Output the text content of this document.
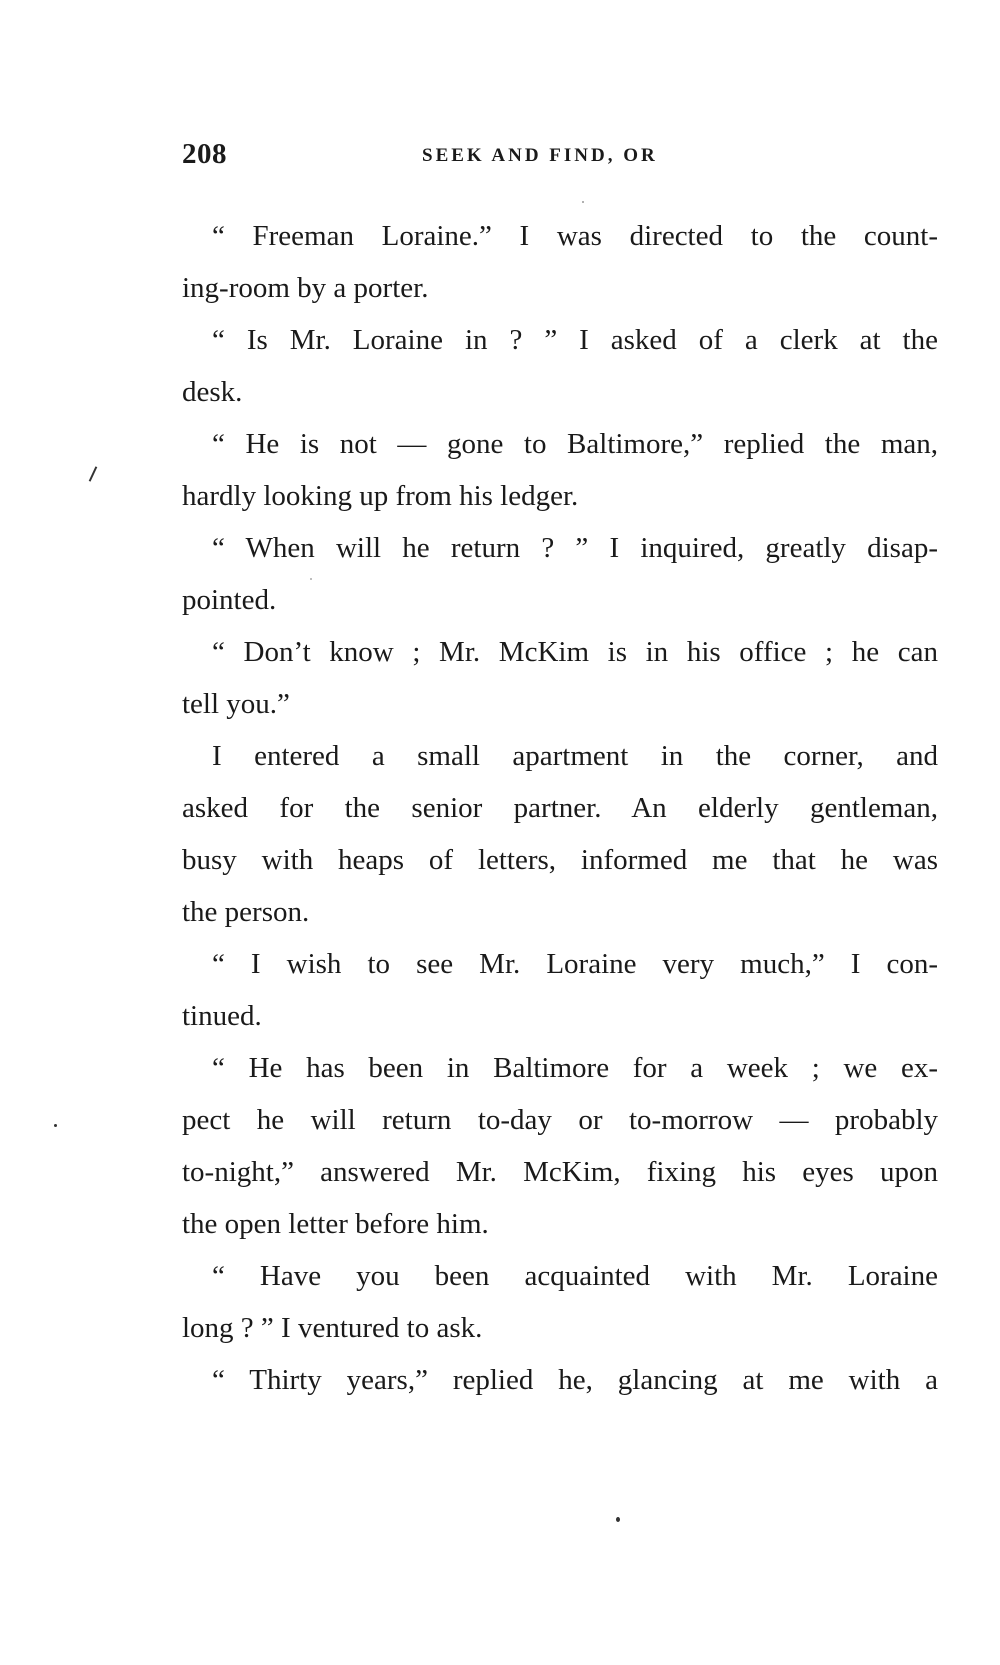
208	SEEK AND FIND, OR
“ Freeman Loraine.” I was directed to the count-
ing-room by a porter.
“ Is Mr. Loraine in ? ” I asked of a clerk at the
desk.
“ He is not — gone to Baltimore,” replied the man,
hardly looking up from his ledger.
“ When will he return ? ” I inquired, greatly disap-
pointed.
“ Don’t know ; Mr. McKim is in his office ; he can
tell you.”
I entered a small apartment in the corner, and
asked for the senior partner. An elderly gentleman,
busy with heaps of letters, informed me that he was
the person.
“ I wish to see Mr. Loraine very much,” I con-
tinued.
“ He has been in Baltimore for a week ; we ex-
pect he will return to-day or to-morrow — probably
to-night,” answered Mr. McKim, fixing his eyes upon
the open letter before him.
“ Have you been acquainted with Mr. Loraine
long ? ” I ventured to ask.
“ Thirty years,” replied he, glancing at me with a
